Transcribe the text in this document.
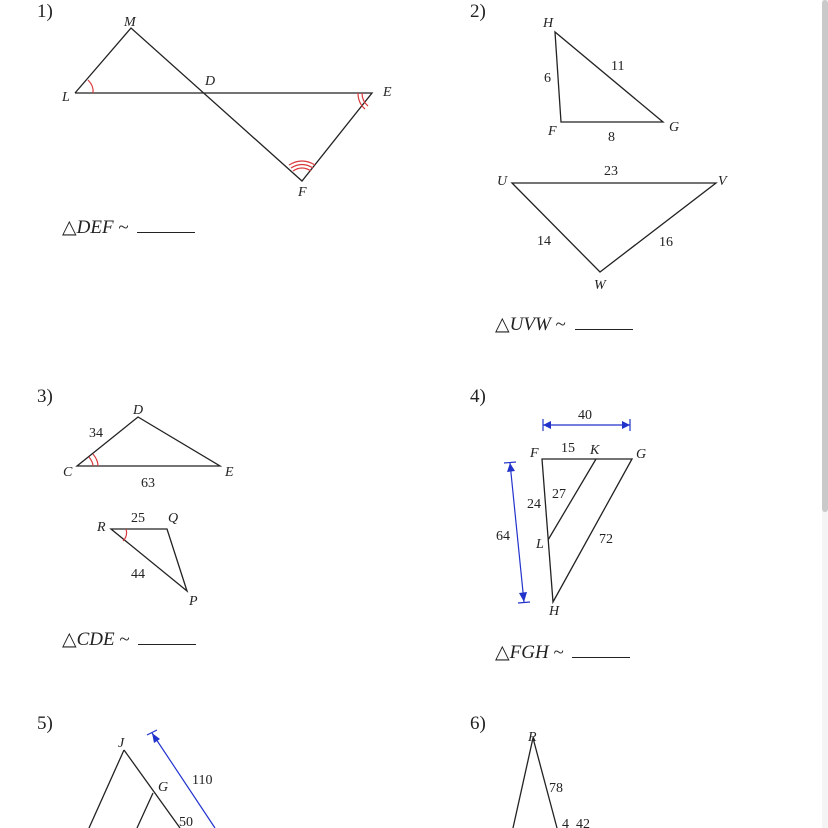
1)	2)
3)	4)
5)	6)
M
L
D
E
F
△DEF ~
H
F	G
6
11
8
U	V
W
23
14	16
△UVW ~
C
D
E
34
63
R
Q
P
25
44
△CDE ~
40
64
F	K	G
L
H
15
24
27
72
△FGH ~
J
G 110
50
R
78
4 42
